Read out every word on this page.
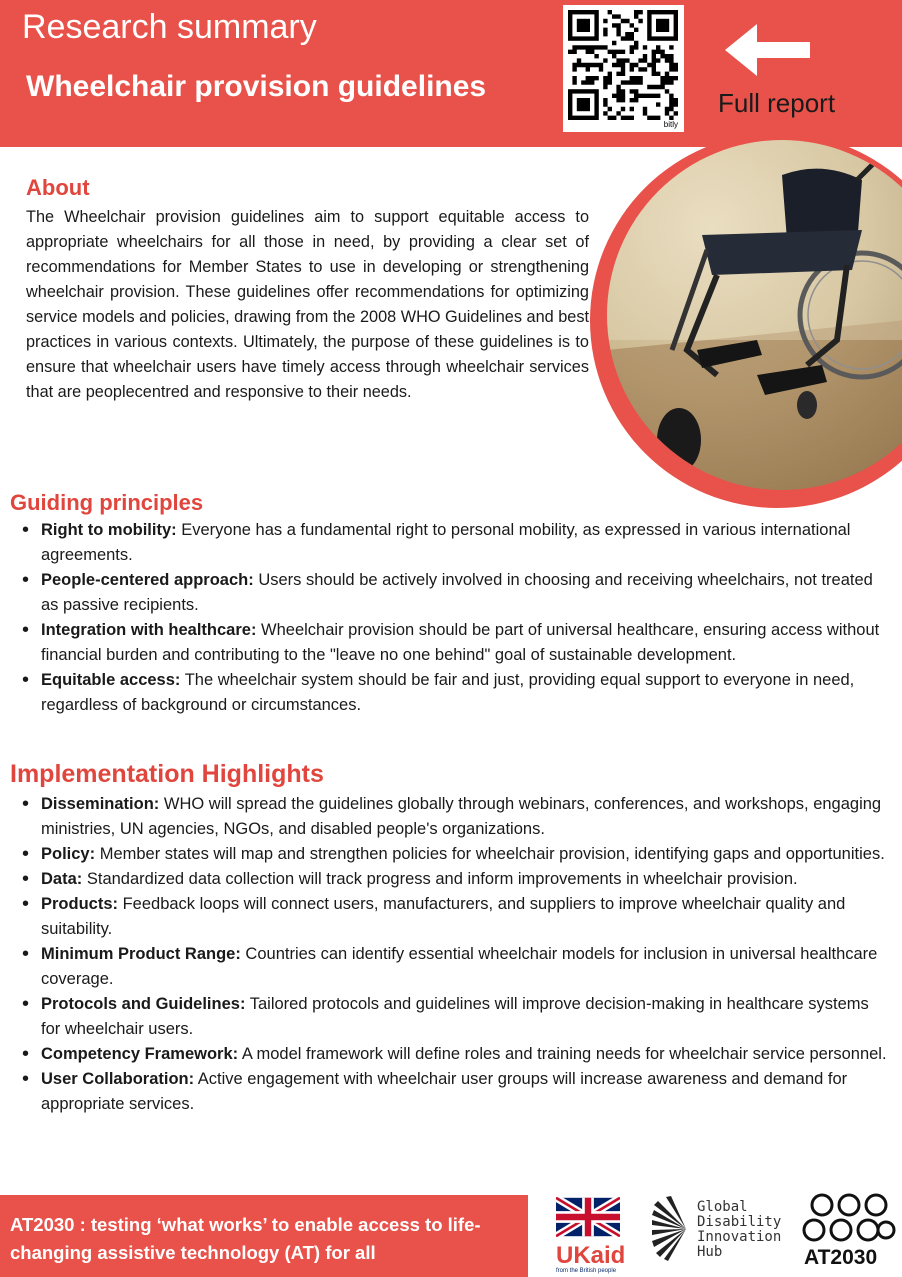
Research summary
Wheelchair provision guidelines
bitly
Full report
About

The Wheelchair provision guidelines aim to support equitable access to appropriate wheelchairs for all those in need, by providing a clear set of recommendations for Member States to use in developing or strengthening wheelchair provision. These guidelines offer recommendations for optimizing service models and policies, drawing from the 2008 WHO Guidelines and best practices in various contexts. Ultimately, the purpose of these guidelines is to ensure that wheelchair users have timely access through wheelchair services that are peoplecentred and responsive to their needs.

Guiding principles
• Right to mobility: Everyone has a fundamental right to personal mobility, as expressed in various international agreements.
• People-centered approach: Users should be actively involved in choosing and receiving wheelchairs, not treated as passive recipients.
• Integration with healthcare: Wheelchair provision should be part of universal healthcare, ensuring access without financial burden and contributing to the "leave no one behind" goal of sustainable development.
• Equitable access: The wheelchair system should be fair and just, providing equal support to everyone in need, regardless of background or circumstances.
Implementation Highlights
• Dissemination: WHO will spread the guidelines globally through webinars, conferences, and workshops, engaging ministries, UN agencies, NGOs, and disabled people's organizations.
• Policy: Member states will map and strengthen policies for wheelchair provision, identifying gaps and opportunities.
• Data: Standardized data collection will track progress and inform improvements in wheelchair provision.
• Products: Feedback loops will connect users, manufacturers, and suppliers to improve wheelchair quality and suitability.
• Minimum Product Range: Countries can identify essential wheelchair models for inclusion in universal healthcare coverage.
• Protocols and Guidelines: Tailored protocols and guidelines will improve decision-making in healthcare systems for wheelchair users.
• Competency Framework: A model framework will define roles and training needs for wheelchair service personnel.
• User Collaboration: Active engagement with wheelchair user groups will increase awareness and demand for appropriate services.

AT2030 : testing ‘what works’ to enable access to life-changing assistive technology (AT) for all	UKaid
from the British people
Global
Disability
Innovation
Hub	AT2030
